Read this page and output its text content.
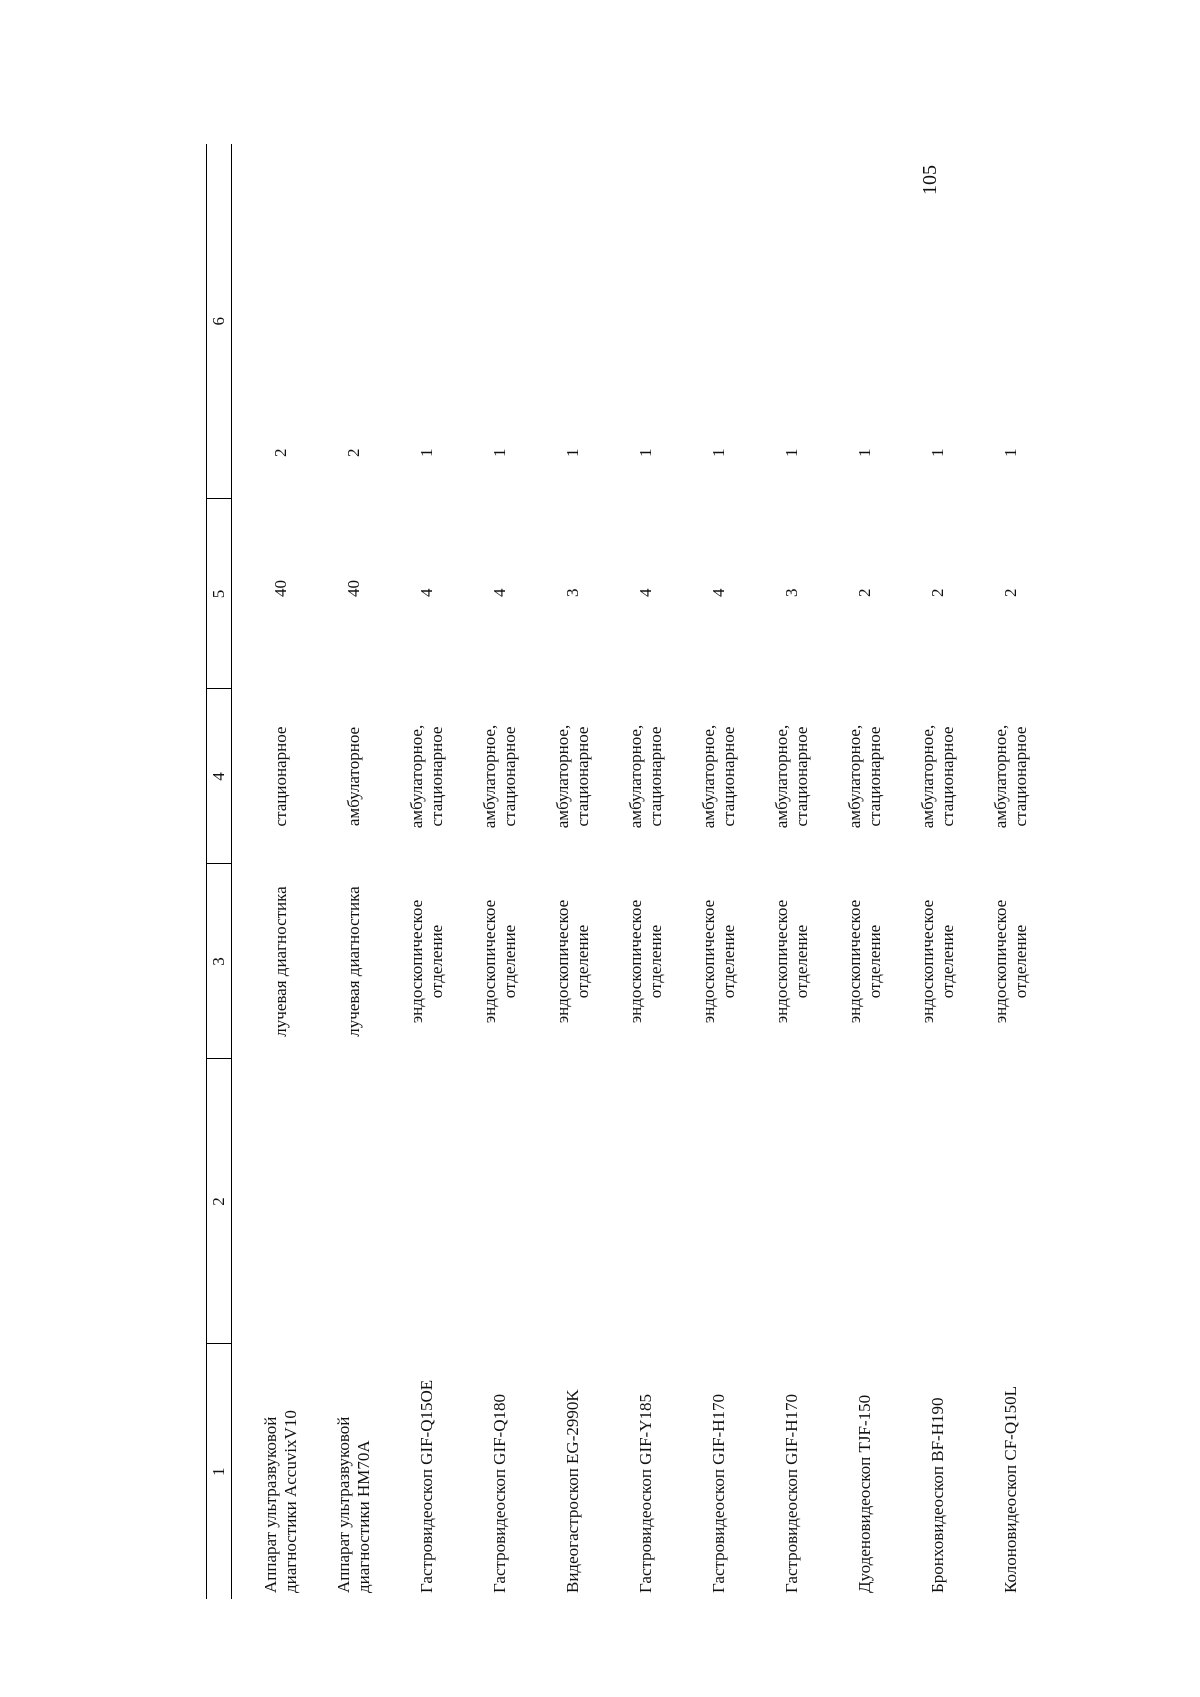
105
1	2	3	4	5	6
Аппарат ультразвуковой диагностики AccuvixV10		лучевая диагностика	стационарное	40	2
Аппарат ультразвуковой диагностики HM70A		лучевая диагностика	амбулаторное	40	2
Гастровидеоскоп GIF-Q15OE		эндоскопическое отделение	амбулаторное, стационарное	4	1
Гастровидеоскоп GIF-Q180		эндоскопическое отделение	амбулаторное, стационарное	4	1
Видеогастроскоп EG-2990K		эндоскопическое отделение	амбулаторное, стационарное	3	1
Гастровидеоскоп GIF-Y185		эндоскопическое отделение	амбулаторное, стационарное	4	1
Гастровидеоскоп GIF-H170		эндоскопическое отделение	амбулаторное, стационарное	4	1
Гастровидеоскоп GIF-H170		эндоскопическое отделение	амбулаторное, стационарное	3	1
Дуоденовидеоскоп TJF-150		эндоскопическое отделение	амбулаторное, стационарное	2	1
Бронховидеоскоп BF-H190		эндоскопическое отделение	амбулаторное, стационарное	2	1
Колоновидеоскоп CF-Q150L		эндоскопическое отделение	амбулаторное, стационарное	2	1
